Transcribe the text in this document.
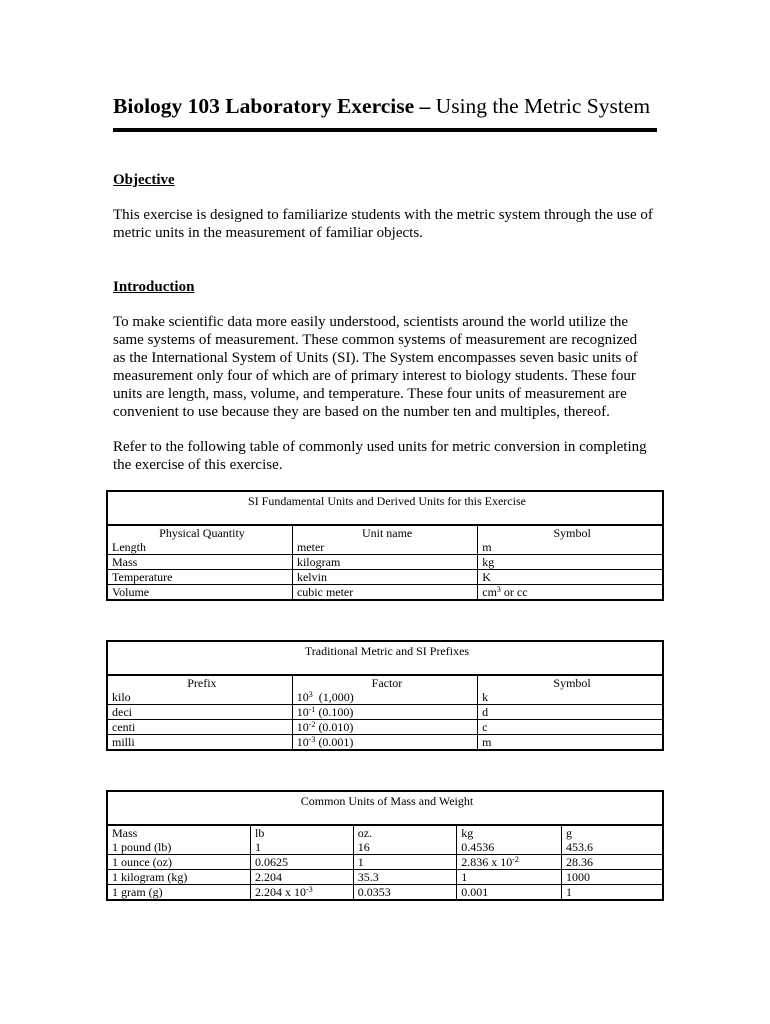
Biology 103 Laboratory Exercise – Using the Metric System
Objective
This exercise is designed to familiarize students with the metric system through the use of
metric units in the measurement of familiar objects.
Introduction
To make scientific data more easily understood, scientists around the world utilize the
same systems of measurement. These common systems of measurement are recognized
as the International System of Units (SI). The System encompasses seven basic units of
measurement only four of which are of primary interest to biology students. These four
units are length, mass, volume, and temperature. These four units of measurement are
convenient to use because they are based on the number ten and multiples, thereof.
Refer to the following table of commonly used units for metric conversion in completing
the exercise of this exercise.
SI Fundamental Units and Derived Units for this Exercise		
Physical Quantity	Unit name	Symbol
Length	meter	m
Mass	kilogram	kg
Temperature	kelvin	K
Volume	cubic meter	$cm^3$ or cc
Traditional Metric and SI Prefixes		
Prefix	Factor	Symbol
kilo	$10^3$  (1,000)	k
deci	$10^{-1}$ (0.100)	d
centi	$10^{-2}$ (0.010)	c
milli	$10^{-3}$ (0.001)	m
Common Units of Mass and Weight				
Mass	lb	oz.	kg	g
1 pound (lb)	1	16	0.4536	453.6
1 ounce (oz)	0.0625	1	2.836 x $10^{-2}$	28.36
1 kilogram (kg)	2.204	35.3	1	1000
1 gram (g)	2.204 x $10^{-3}$	0.0353	0.001	1
